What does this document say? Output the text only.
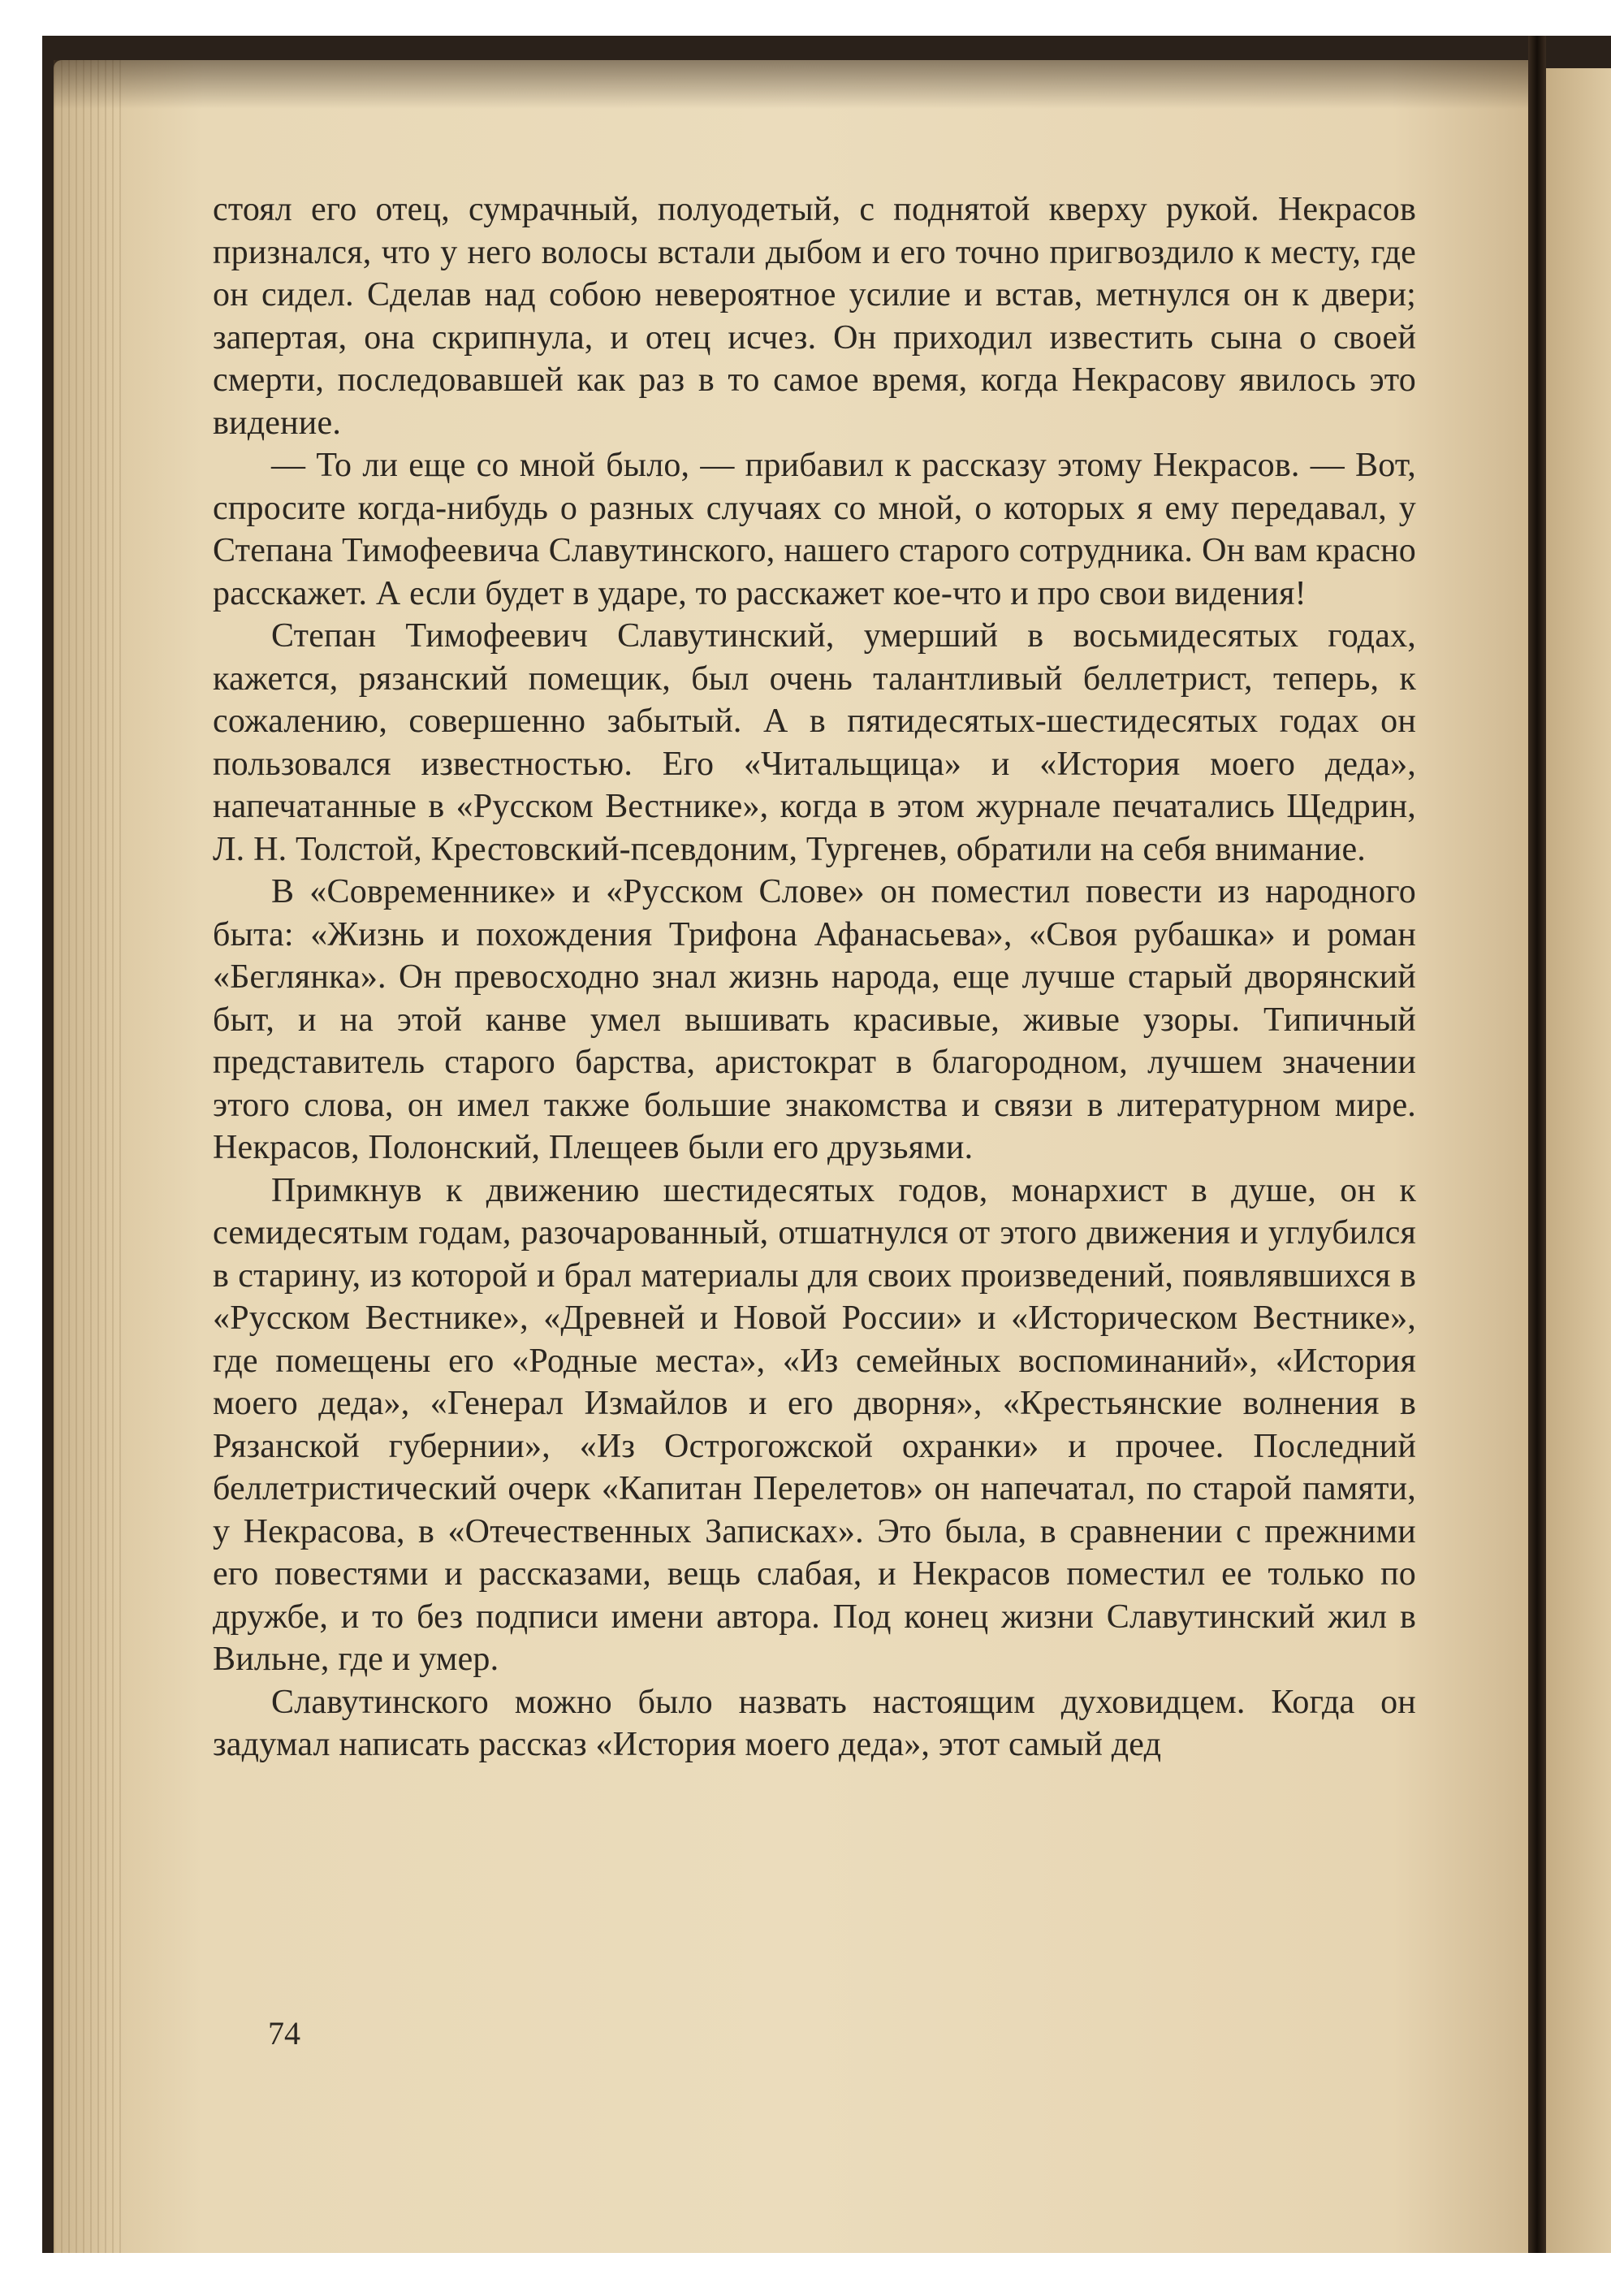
стоял его отец, сумрачный, полуодетый, с поднятой кверху рукой. Некрасов признался, что у него волосы встали дыбом и его точно пригвоздило к месту, где он сидел. Сделав над собою невероятное усилие и встав, метнулся он к двери; запертая, она скрипнула, и отец исчез. Он приходил известить сына о своей смерти, последовавшей как раз в то самое время, когда Некрасову явилось это видение.

— То ли еще со мной было, — прибавил к рассказу этому Некрасов. — Вот, спросите когда-нибудь о разных случаях со мной, о которых я ему передавал, у Степана Тимофеевича Славутинского, нашего старого сотрудника. Он вам красно расскажет. А если будет в ударе, то расскажет кое-что и про свои видения!

Степан Тимофеевич Славутинский, умерший в восьмидесятых годах, кажется, рязанский помещик, был очень талантливый беллетрист, теперь, к сожалению, совершенно забытый. А в пятидесятых-шестидесятых годах он пользовался известностью. Его «Читальщица» и «История моего деда», напечатанные в «Русском Вестнике», когда в этом журнале печатались Щедрин, Л. Н. Толстой, Крестовский-псевдоним, Тургенев, обратили на себя внимание.

В «Современнике» и «Русском Слове» он поместил повести из народного быта: «Жизнь и похождения Трифона Афанасьева», «Своя рубашка» и роман «Беглянка». Он превосходно знал жизнь народа, еще лучше старый дворянский быт, и на этой канве умел вышивать красивые, живые узоры. Типичный представитель старого барства, аристократ в благородном, лучшем значении этого слова, он имел также большие знакомства и связи в литературном мире. Некрасов, Полонский, Плещеев были его друзьями.

Примкнув к движению шестидесятых годов, монархист в душе, он к семидесятым годам, разочарованный, отшатнулся от этого движения и углубился в старину, из которой и брал материалы для своих произведений, появлявшихся в «Русском Вестнике», «Древней и Новой России» и «Историческом Вестнике», где помещены его «Родные места», «Из семейных воспоминаний», «История моего деда», «Генерал Измайлов и его дворня», «Крестьянские волнения в Рязанской губернии», «Из Острогожской охранки» и прочее. Последний беллетристический очерк «Капитан Перелетов» он напечатал, по старой памяти, у Некрасова, в «Отечественных Записках». Это была, в сравнении с прежними его повестями и рассказами, вещь слабая, и Некрасов поместил ее только по дружбе, и то без подписи имени автора. Под конец жизни Славутинский жил в Вильне, где и умер.

Славутинского можно было назвать настоящим духовидцем. Когда он задумал написать рассказ «История моего деда», этот самый дед

74
